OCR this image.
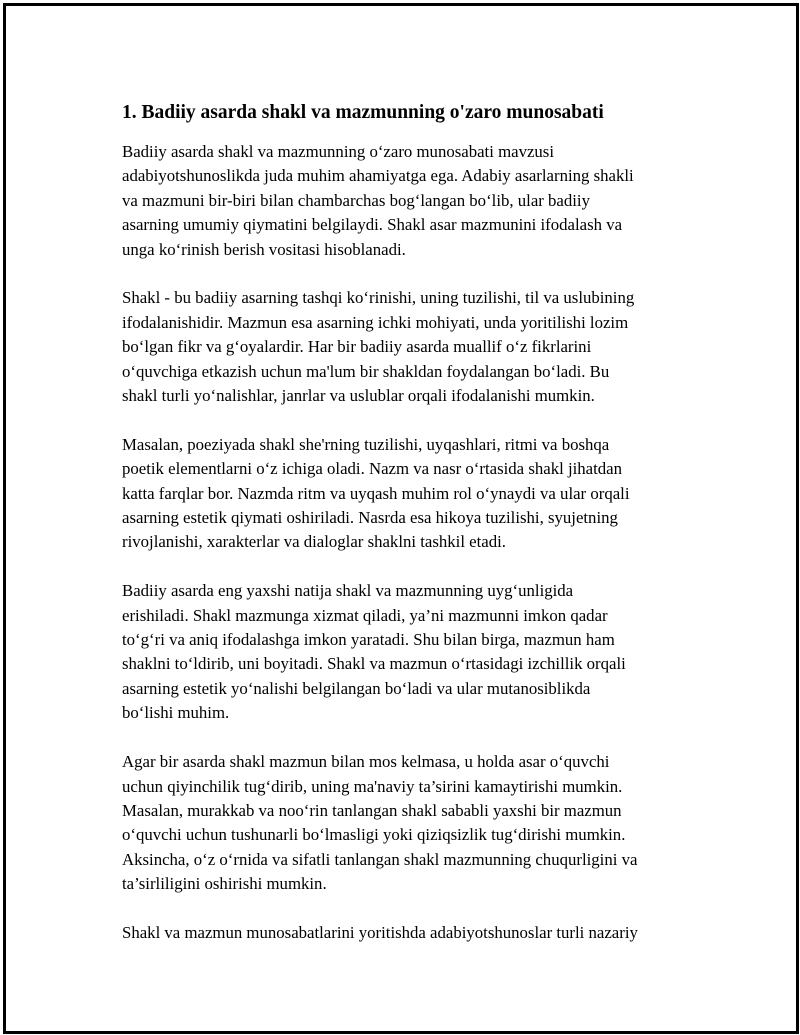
1. Badiiy asarda shakl va mazmunning o'zaro munosabati
Badiiy asarda shakl va mazmunning o‘zaro munosabati mavzusi
adabiyotshunoslikda juda muhim ahamiyatga ega. Adabiy asarlarning shakli
va mazmuni bir-biri bilan chambarchas bog‘langan bo‘lib, ular badiiy
asarning umumiy qiymatini belgilaydi. Shakl asar mazmunini ifodalash va
unga ko‘rinish berish vositasi hisoblanadi.
Shakl - bu badiiy asarning tashqi ko‘rinishi, uning tuzilishi, til va uslubining
ifodalanishidir. Mazmun esa asarning ichki mohiyati, unda yoritilishi lozim
bo‘lgan fikr va g‘oyalardir. Har bir badiiy asarda muallif o‘z fikrlarini
o‘quvchiga etkazish uchun ma'lum bir shakldan foydalangan bo‘ladi. Bu
shakl turli yo‘nalishlar, janrlar va uslublar orqali ifodalanishi mumkin.
Masalan, poeziyada shakl she'rning tuzilishi, uyqashlari, ritmi va boshqa
poetik elementlarni o‘z ichiga oladi. Nazm va nasr o‘rtasida shakl jihatdan
katta farqlar bor. Nazmda ritm va uyqash muhim rol o‘ynaydi va ular orqali
asarning estetik qiymati oshiriladi. Nasrda esa hikoya tuzilishi, syujetning
rivojlanishi, xarakterlar va dialoglar shaklni tashkil etadi.
Badiiy asarda eng yaxshi natija shakl va mazmunning uyg‘unligida
erishiladi. Shakl mazmunga xizmat qiladi, ya’ni mazmunni imkon qadar
to‘g‘ri va aniq ifodalashga imkon yaratadi. Shu bilan birga, mazmun ham
shaklni to‘ldirib, uni boyitadi. Shakl va mazmun o‘rtasidagi izchillik orqali
asarning estetik yo‘nalishi belgilangan bo‘ladi va ular mutanosiblikda
bo‘lishi muhim.
Agar bir asarda shakl mazmun bilan mos kelmasa, u holda asar o‘quvchi
uchun qiyinchilik tug‘dirib, uning ma'naviy ta’sirini kamaytirishi mumkin.
Masalan, murakkab va noo‘rin tanlangan shakl sababli yaxshi bir mazmun
o‘quvchi uchun tushunarli bo‘lmasligi yoki qiziqsizlik tug‘dirishi mumkin.
Aksincha, o‘z o‘rnida va sifatli tanlangan shakl mazmunning chuqurligini va
ta’sirliligini oshirishi mumkin.
Shakl va mazmun munosabatlarini yoritishda adabiyotshunoslar turli nazariy
